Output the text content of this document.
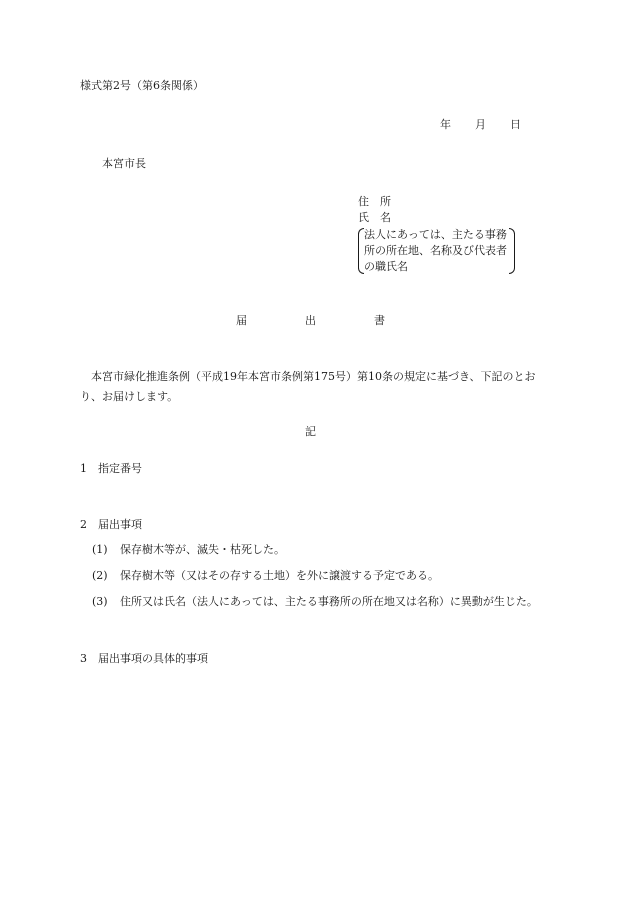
様式第2号（第6条関係）
年 月 日
本宮市長
住　所
氏　名
法人にあっては、主たる事務
所の所在地、名称及び代表者
の職氏名
届	出	書
本宮市緑化推進条例（平成19年本宮市条例第175号）第10条の規定に基づき、下記のとおり、お届けします。
記
1 指定番号
2 届出事項
(1) 保存樹木等が、滅失・枯死した。
(2) 保存樹木等（又はその存する土地）を外に譲渡する予定である。
(3) 住所又は氏名（法人にあっては、主たる事務所の所在地又は名称）に異動が生じた。
3 届出事項の具体的事項
